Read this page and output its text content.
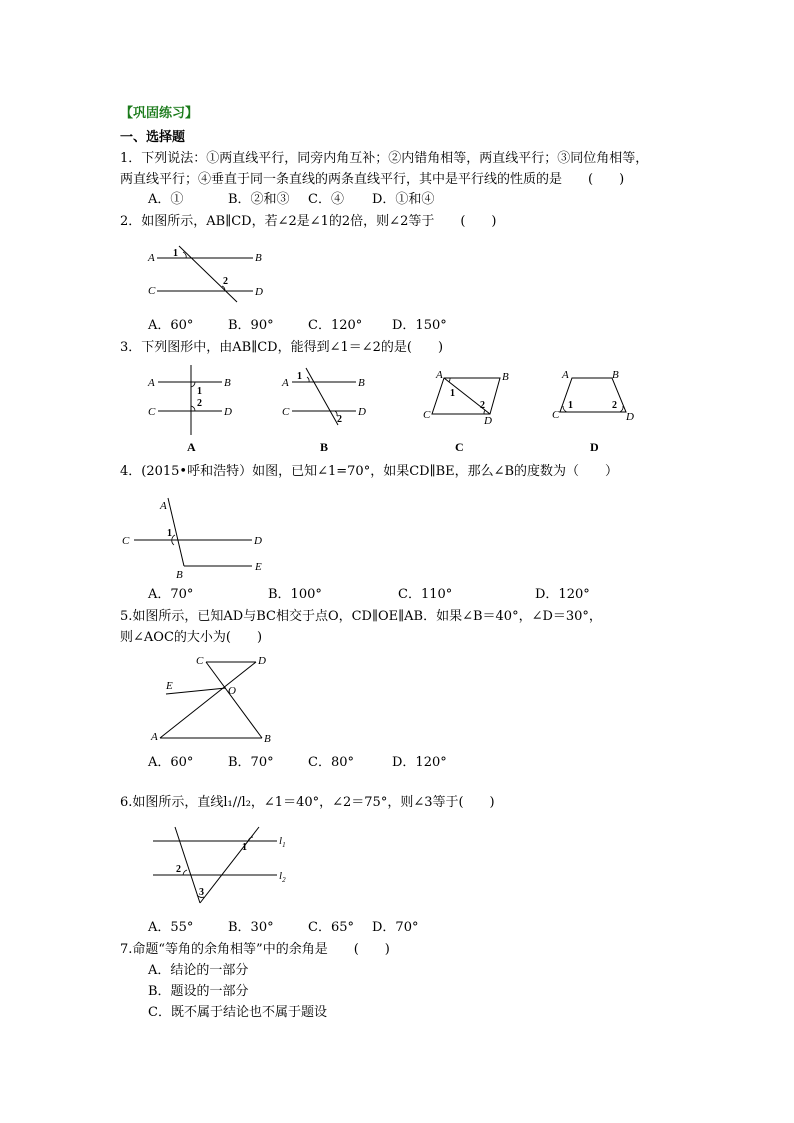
【巩固练习】
一、选择题
1．下列说法：①两直线平行，同旁内角互补；②内错角相等，两直线平行；③同位角相等，
两直线平行；④垂直于同一条直线的两条直线平行，其中是平行线的性质的是　　(　　)
A．①	B．②和③ C．④ D．①和④
2．如图所示，AB∥CD，若∠2是∠1的2倍，则∠2等于　　(　　)
A	B
C	D
1
2
A．60°	B．90°	C．120° D．150°
3．下列图形中，由AB∥CD，能得到∠1＝∠2的是(　　)
A	B
C	D
1
2
A
A	B
C	D
1
2
B
A	B
C	D
1
2
C
A	B
C	D
1	2
D
4．(2015•呼和浩特）如图，已知∠1=70°，如果CD∥BE，那么∠B的度数为（　　）
A
C	D
B
E
1
A．70°	B．100°	C．110°	D．120°
5.如图所示，已知AD与BC相交于点O，CD∥OE∥AB．如果∠B＝40°，∠D＝30°，
则∠AOC的大小为(　　)
C	D
E	O
A	B
A．60°	B．70°	C．80°	D．120°
6.如图所示，直线l₁//l₂，∠1＝40°，∠2＝75°，则∠3等于(　　)
$l_1$
$l_2$
1
2
3
A．55°	B．30°	C．65° D．70°
7.命题“等角的余角相等”中的余角是　　(　　)
A．结论的一部分
B．题设的一部分
C．既不属于结论也不属于题设
